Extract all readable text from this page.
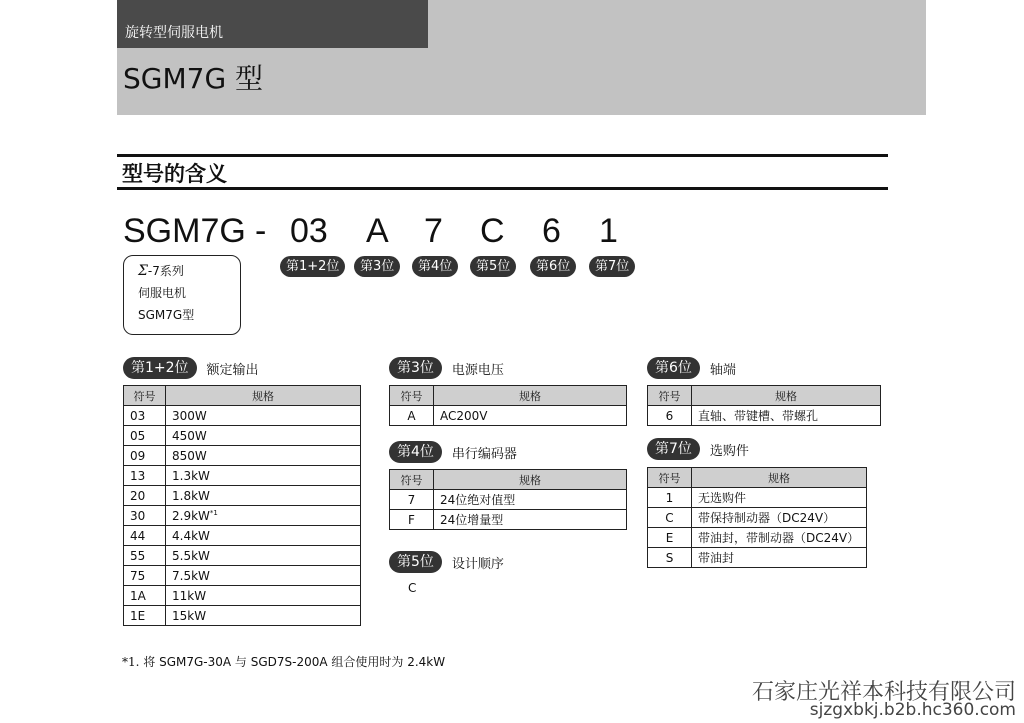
旋转型伺服电机
SGM7G 型
型号的含义
SGM7G - 03 A 7 C 6 1
第1+2位	第3位	第4位	第5位	第6位	第7位
Σ-7系列
伺服电机
SGM7G型
第1+2位	额定输出
符号	规格
03	300W
05	450W
09	850W
13	1.3kW
20	1.8kW
30	$2.9kW^{*1}$
44	4.4kW
55	5.5kW
75	7.5kW
1A	11kW
1E	15kW
第3位	电源电压
符号	规格
A	AC200V
第4位	串行编码器
符号	规格
7	24位绝对值型
F	24位增量型
第5位	设计顺序
C
第6位	轴端
符号	规格
6	直轴、带键槽、带螺孔
第7位	选购件
符号	规格
1	无选购件
C	带保持制动器（DC24V）
E	带油封，带制动器（DC24V）
S	带油封
*1. 将 SGM7G-30A 与 SGD7S-200A 组合使用时为 2.4kW
石家庄光祥本科技有限公司
sjzgxbkj.b2b.hc360.com
